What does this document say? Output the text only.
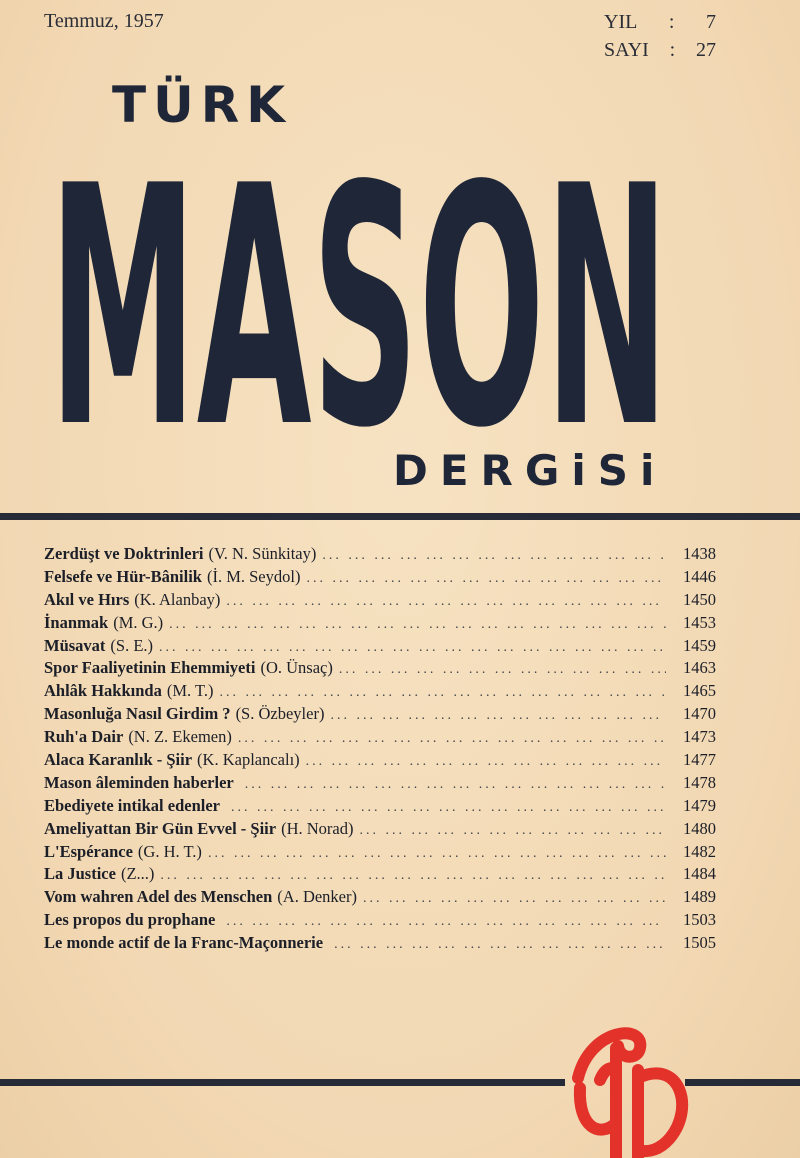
Temmuz, 1957	YIL : 7
SAYI : 27
TÜRK
MASON
DERGiSi
Zerdüşt ve Doktrinleri (V. N. Sünkitay) ... .	1438
Felsefe ve Hür-Bânilik (İ. M. Seydol) ... .	1446
Akıl ve Hırs (K. Alanbay) ... .	1450
İnanmak (M. G.) ... .	1453
Müsavat (S. E.) ... .	1459
Spor Faaliyetinin Ehemmiyeti (O. Ünsaç) ... .	1463
Ahlâk Hakkında (M. T.) ... .	1465
Masonluğa Nasıl Girdim ? (S. Özbeyler) ... .	1470
Ruh'a Dair (N. Z. Ekemen) ... .	1473
Alaca Karanlık - Şiir (K. Kaplancalı) ... .	1477
Mason âleminden haberler ... .	1478
Ebediyete intikal edenler ... .	1479
Ameliyattan Bir Gün Evvel - Şiir (H. Norad) ... .	1480
L'Espérance (G. H. T.) ... .	1482
La Justice (Z...) ... .	1484
Vom wahren Adel des Menschen (A. Denker) ... .	1489
Les propos du prophane ... .	1503
Le monde actif de la Franc-Maçonnerie ... .	1505
